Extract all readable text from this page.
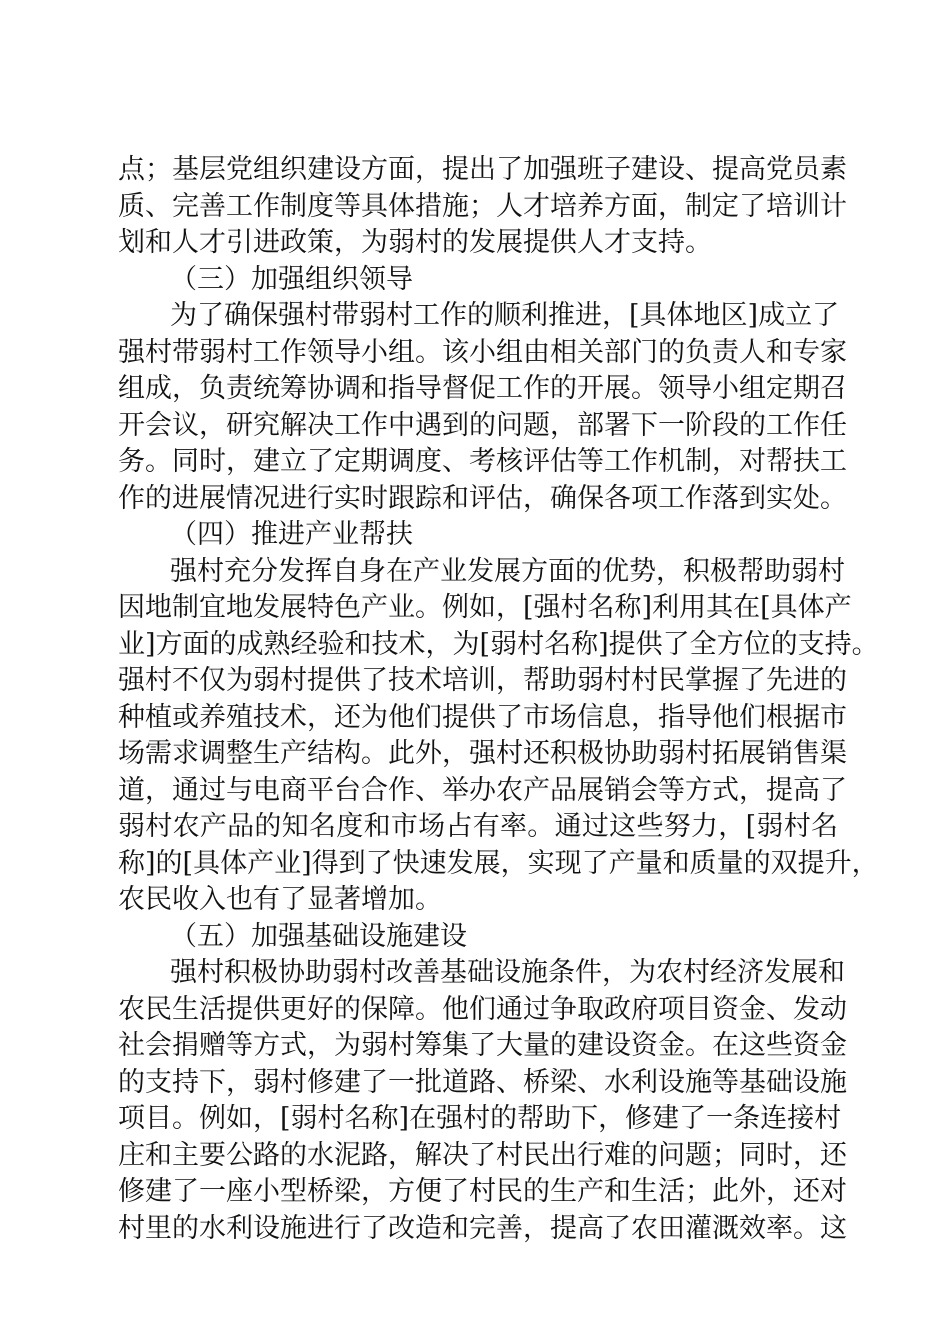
点；基层党组织建设方面，提出了加强班子建设、提高党员素
质、完善工作制度等具体措施；人才培养方面，制定了培训计
划和人才引进政策，为弱村的发展提供人才支持。
（三）加强组织领导
为了确保强村带弱村工作的顺利推进，[具体地区]成立了
强村带弱村工作领导小组。该小组由相关部门的负责人和专家
组成，负责统筹协调和指导督促工作的开展。领导小组定期召
开会议，研究解决工作中遇到的问题，部署下一阶段的工作任
务。同时，建立了定期调度、考核评估等工作机制，对帮扶工
作的进展情况进行实时跟踪和评估，确保各项工作落到实处。
（四）推进产业帮扶
强村充分发挥自身在产业发展方面的优势，积极帮助弱村
因地制宜地发展特色产业。例如，[强村名称]利用其在[具体产
业]方面的成熟经验和技术，为[弱村名称]提供了全方位的支持。
强村不仅为弱村提供了技术培训，帮助弱村村民掌握了先进的
种植或养殖技术，还为他们提供了市场信息，指导他们根据市
场需求调整生产结构。此外，强村还积极协助弱村拓展销售渠
道，通过与电商平台合作、举办农产品展销会等方式，提高了
弱村农产品的知名度和市场占有率。通过这些努力，[弱村名
称]的[具体产业]得到了快速发展，实现了产量和质量的双提升，
农民收入也有了显著增加。
（五）加强基础设施建设
强村积极协助弱村改善基础设施条件，为农村经济发展和
农民生活提供更好的保障。他们通过争取政府项目资金、发动
社会捐赠等方式，为弱村筹集了大量的建设资金。在这些资金
的支持下，弱村修建了一批道路、桥梁、水利设施等基础设施
项目。例如，[弱村名称]在强村的帮助下，修建了一条连接村
庄和主要公路的水泥路，解决了村民出行难的问题；同时，还
修建了一座小型桥梁，方便了村民的生产和生活；此外，还对
村里的水利设施进行了改造和完善，提高了农田灌溉效率。这
